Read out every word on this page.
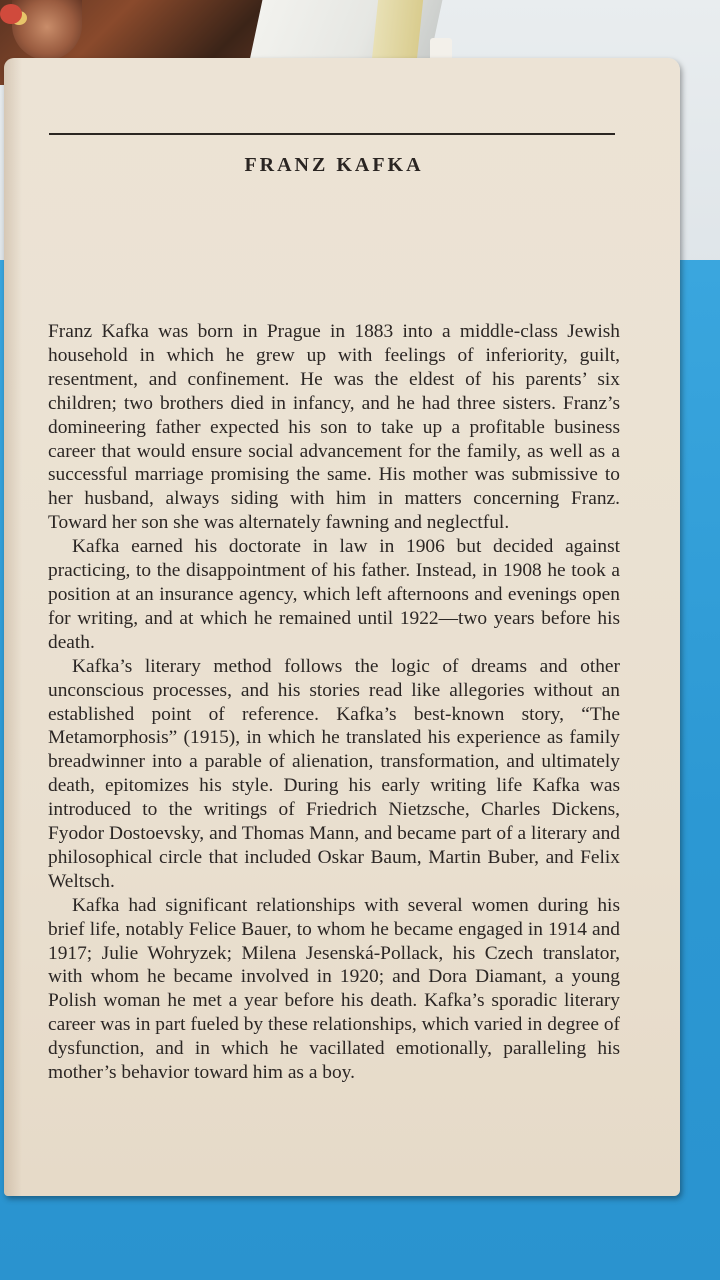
FRANZ KAFKA

Franz Kafka was born in Prague in 1883 into a middle-class Jewish household in which he grew up with feelings of inferiority, guilt, resentment, and confinement. He was the eldest of his parents’ six children; two brothers died in infancy, and he had three sisters. Franz’s domineering father expected his son to take up a profitable business career that would ensure social advancement for the family, as well as a successful marriage promising the same. His mother was submissive to her husband, always siding with him in matters concerning Franz. Toward her son she was alternately fawning and neglectful.

Kafka earned his doctorate in law in 1906 but decided against practicing, to the disappointment of his father. Instead, in 1908 he took a position at an insurance agency, which left afternoons and evenings open for writing, and at which he remained until 1922—two years before his death.

Kafka’s literary method follows the logic of dreams and other unconscious processes, and his stories read like allegories without an established point of reference. Kafka’s best-known story, “The Metamorphosis” (1915), in which he translated his experience as family breadwinner into a parable of alienation, transformation, and ultimately death, epitomizes his style. During his early writing life Kafka was introduced to the writings of Friedrich Nietzsche, Charles Dickens, Fyodor Dostoevsky, and Thomas Mann, and became part of a literary and philosophical circle that included Oskar Baum, Martin Buber, and Felix Weltsch.

Kafka had significant relationships with several women during his brief life, notably Felice Bauer, to whom he became engaged in 1914 and 1917; Julie Wohryzek; Milena Jesenská-Pollack, his Czech translator, with whom he became involved in 1920; and Dora Diamant, a young Polish woman he met a year before his death. Kafka’s sporadic literary career was in part fueled by these relationships, which varied in degree of dysfunction, and in which he vacillated emotionally, paralleling his mother’s behavior toward him as a boy.
